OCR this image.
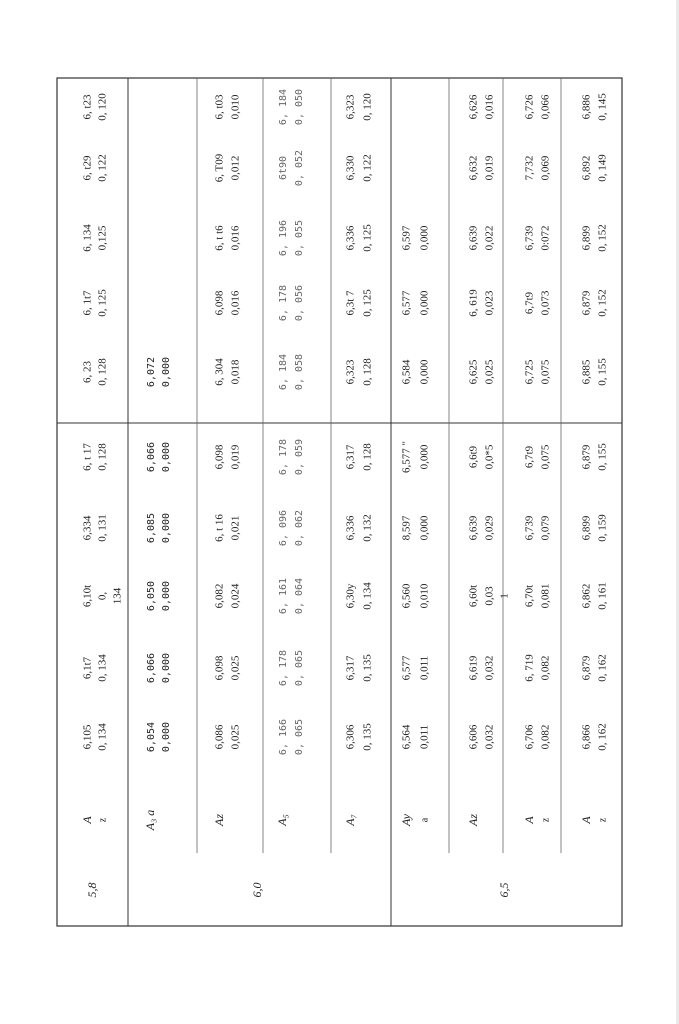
5,8
A z
6,105
6,1t7
6,10t
6,334
6, t 17
6, 23
6, 1t7
6, 134
6, t29
6, t23
0, 134
0, 134
0,
0, 131
0, 128
0, 128
0, 125
0,125
0, 122
0, 120
134
6,0
A₃ a
6,054
6,066
6,050
6,085
6,066
6,072
0,000
0,000
0,000
0,000
0,000
0,000
Az
6,086
6,098
6,082
6, t 16
6,098
6, 304
6,098
6, t t6
6, T09
6, t03
0,025
0,025
0,024
0,021
0,019
0,018
0,016
0,016
0,012
0,010
A₅
6, 166
6, 178
6, 161
6, 096
6, 178
6, 184
6, 178
6, 196
6t90
6, 184
0, 065
0, 065
0, 064
0, 062
0, 059
0, 058
0, 056
0, 055
0, 052
0, 050
A₇
6,306
6,317
6,30y
6,336
6,317
6,323
6,3t 7
6,336
6,330
6,323
0, 135
0, 135
0, 134
0, 132
0, 128
0, 128
0, 125
0, 125
0, 122
0, 120
Ay a
6,564
6,577
6,560
8,597
6,577 "
6,584
6,577
6,597
0,011
0,011
0,010
0,000
0,000
0,000
0,000
0,000
6,5
Az
6,606
6,619
6,60t
6,639
6,6t9
6,625
6, 619
6,639
6,632
6,626
0,032
0,032
0,03
0,029
0,0*5
0,025
0,023
0,022
0,019
0,016
1
A z
6,706
6, 719
6,70t
6,739
6,7t9
6,725
6,7t9
6,739
7,732
6,726
0,082
0,082
0,081
0,079
0,075
0,075
0,073
0:072
0,069
0,066
A z
6,866
6,879
6,862
6,899
6,879
6,885
6,879
6,899
6,892
6,886
0, 162
0, 162
0, 161
0, 159
0, 155
0, 155
0, 152
0, 152
0, 149
0, 145
